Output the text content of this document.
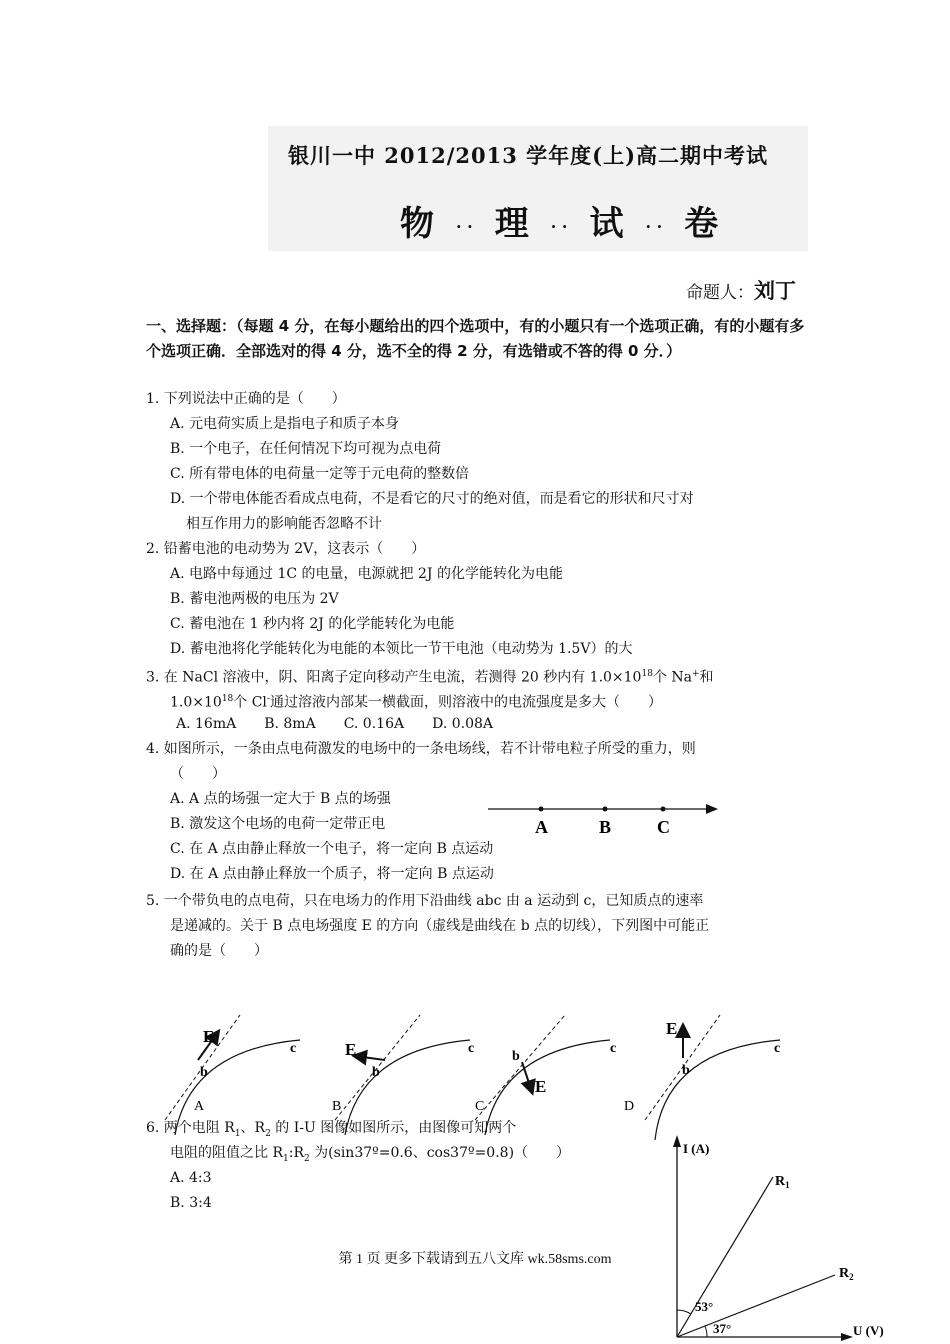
银川一中 2012/2013 学年度(上)高二期中考试
物 · · 理 · · 试 · · 卷
命题人：刘丁
一、选择题：（每题 4 分，在每小题给出的四个选项中，有的小题只有一个选项正确，有的小题有多个选项正确．全部选对的得 4 分，选不全的得 2 分，有选错或不答的得 0 分．）
1. 下列说法中正确的是（　　）
A. 元电荷实质上是指电子和质子本身
B. 一个电子，在任何情况下均可视为点电荷
C. 所有带电体的电荷量一定等于元电荷的整数倍
D. 一个带电体能否看成点电荷，不是看它的尺寸的绝对值，而是看它的形状和尺寸对
相互作用力的影响能否忽略不计
2. 铅蓄电池的电动势为 2V，这表示（　　）
A. 电路中每通过 1C 的电量，电源就把 2J 的化学能转化为电能
B. 蓄电池两极的电压为 2V
C. 蓄电池在 1 秒内将 2J 的化学能转化为电能
D. 蓄电池将化学能转化为电能的本领比一节干电池（电动势为 1.5V）的大
3. 在 NaCl 溶液中，阴、阳离子定向移动产生电流，若测得 20 秒内有 $1.0\times 10^{18}$个 Na+和
$1.0\times 10^{18}$个 Cl-通过溶液内部某一横截面，则溶液中的电流强度是多大（　　）
A. 16mA　　B. 8mA　　C. 0.16A　　D. 0.08A
4. 如图所示，一条由点电荷激发的电场中的一条电场线，若不计带电粒子所受的重力，则
（　　）
A. A 点的场强一定大于 B 点的场强
B. 激发这个电场的电荷一定带正电
C. 在 A 点由静止释放一个电子，将一定向 B 点运动
D. 在 A 点由静止释放一个质子，将一定向 B 点运动
A	B	C
5. 一个带负电的点电荷，只在电场力的作用下沿曲线 abc 由 a 运动到 c，已知质点的速率
是递减的。关于 B 点电场强度 E 的方向（虚线是曲线在 b 点的切线），下列图中可能正
确的是（　　）
E
b
c
A
E
b
c
B
E
b
c
C
E
b
c
D
6. 两个电阻 $R_1$、$R_2$ 的 I-U 图像如图所示，由图像可知两个
电阻的阻值之比 $R_1:R_2$ 为(sin37º=0.6、cos37º=0.8)（　　）
A. 4:3
B. 3:4
I (A)
U (V)
$R_1$
$R_2$
53°
37°
第 1 页 更多下载请到五八文库 wk.58sms.com
